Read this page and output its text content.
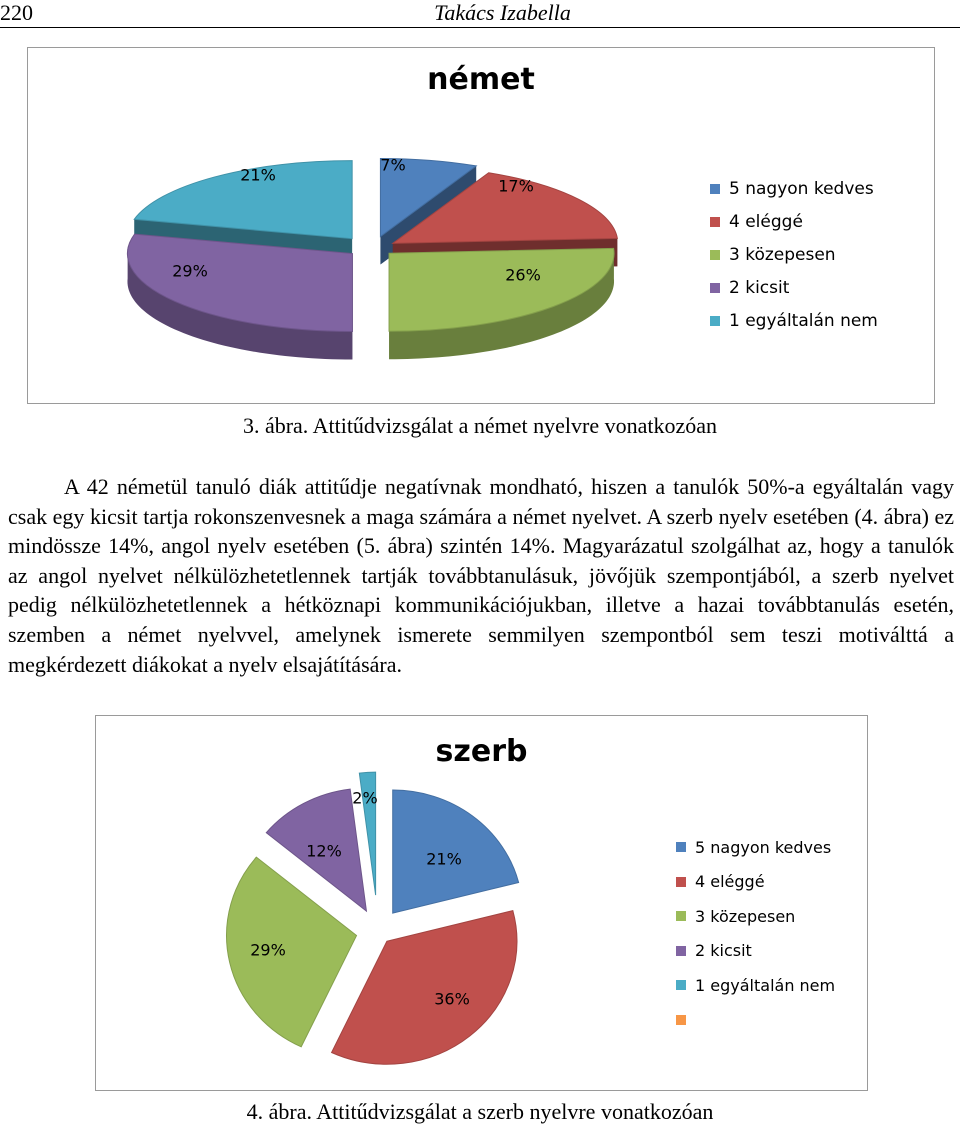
220	Takács Izabella
német
7%
17%
26%
29%
21%
5 nagyon kedves
4 eléggé
3 közepesen
2 kicsit
1 egyáltalán nem
3. ábra. Attitűdvizsgálat a német nyelvre vonatkozóan

A 42 németül tanuló diák attitűdje negatívnak mondható, hiszen a tanulók 50%-a egyáltalán vagy csak egy kicsit tartja rokonszenvesnek a maga számára a német nyelvet. A szerb nyelv esetében (4. ábra) ez mindössze 14%, angol nyelv esetében (5. ábra) szintén 14%. Magyarázatul szolgálhat az, hogy a tanulók az angol nyelvet nélkülözhetetlennek tartják továbbtanulásuk, jövőjük szempontjából, a szerb nyelvet pedig nélkülözhetetlennek a hétköznapi kommunikációjukban, illetve a hazai továbbtanulás esetén, szemben a német nyelvvel, amelynek ismerete semmilyen szempontból sem teszi motiválttá a megkérdezett diákokat a nyelv elsajátítására.

szerb
21%
36%
29%
12%
2%
5 nagyon kedves
4 eléggé
3 közepesen
2 kicsit
1 egyáltalán nem
4. ábra. Attitűdvizsgálat a szerb nyelvre vonatkozóan
